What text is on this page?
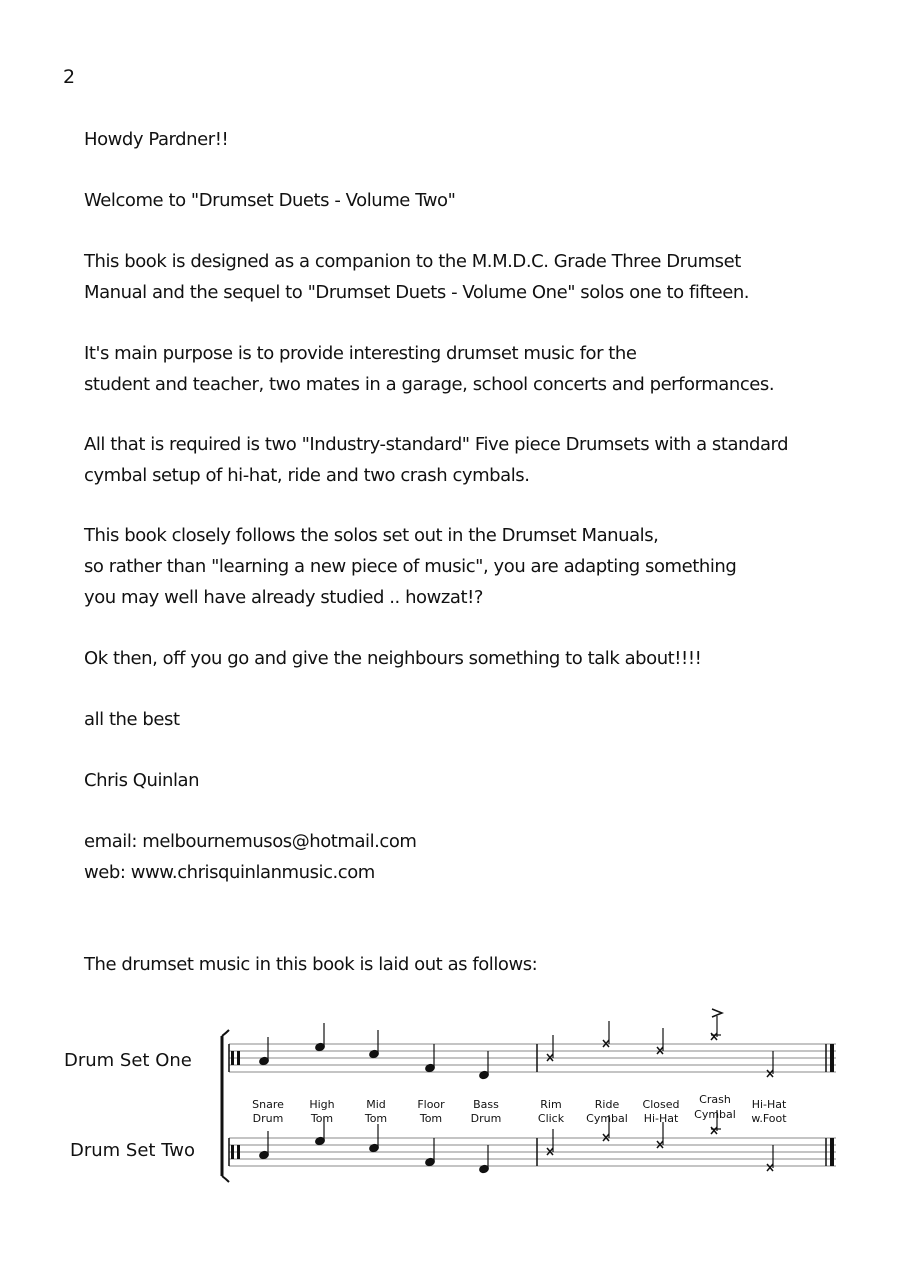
2
Howdy Pardner!!
Welcome to "Drumset Duets - Volume Two"
This book is designed as a companion to the M.M.D.C. Grade Three Drumset
Manual and the sequel to "Drumset Duets - Volume One" solos one to fifteen.
It's main purpose is to provide interesting drumset music for the
student and teacher, two mates in a garage, school concerts and performances.
All that is required is two "Industry-standard" Five piece Drumsets with a standard
cymbal setup of hi-hat, ride and two crash cymbals.
This book closely follows the solos set out in the Drumset Manuals,
so rather than "learning a new piece of music", you are adapting something
you may well have already studied .. howzat!?
Ok then, off you go and give the neighbours something to talk about!!!!
all the best
Chris Quinlan
email: melbournemusos@hotmail.com
web: www.chrisquinlanmusic.com
The drumset music in this book is laid out as follows:
Drum Set One
Drum Set Two
Snare
Drum
High
Tom
Mid
Tom
Floor
Tom
Bass
Drum
Rim
Click
Ride
Cymbal
Closed
Hi-Hat
Crash
Cymbal
Hi-Hat
w.Foot
